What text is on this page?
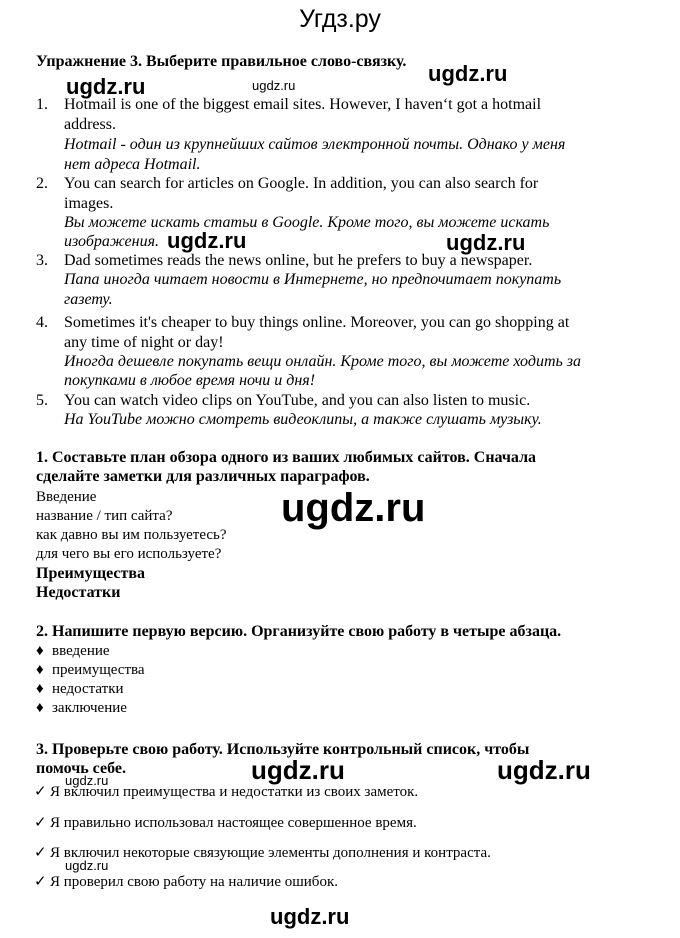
Угдз.ру
Упражнение 3. Выберите правильное слово-связку.
1. Hotmail is one of the biggest email sites. However, I haven‘t got a hotmail
address.
Hotmail - один из крупнейших сайтов электронной почты. Однако у меня
нет адреса Hotmail.
2. You can search for articles on Google. In addition, you can also search for
images.
Вы можете искать статьи в Google. Кроме того, вы можете искать
изображения.
3. Dad sometimes reads the news online, but he prefers to buy a newspaper.
Папа иногда читает новости в Интернете, но предпочитает покупать
газету.
4. Sometimes it's cheaper to buy things online. Moreover, you can go shopping at
any time of night or day!
Иногда дешевле покупать вещи онлайн. Кроме того, вы можете ходить за
покупками в любое время ночи и дня!
5. You can watch video clips on YouTube, and you can also listen to music.
На YouTube можно смотреть видеоклипы, а также слушать музыку.
1. Составьте план обзора одного из ваших любимых сайтов. Сначала
сделайте заметки для различных параграфов.
Введение
название / тип сайта?
как давно вы им пользуетесь?
для чего вы его используете?
Преимущества
Недостатки
2. Напишите первую версию. Организуйте свою работу в четыре абзаца.
♦ введение
♦ преимущества
♦ недостатки
♦ заключение
3. Проверьте свою работу. Используйте контрольный список, чтобы
помочь себе.
✓ Я включил преимущества и недостатки из своих заметок.
✓ Я правильно использовал настоящее совершенное время.
✓ Я включил некоторые связующие элементы дополнения и контраста.
✓ Я проверил свою работу на наличие ошибок.
ugdz.ru	ugdz.ru	ugdz.ru
ugdz.ru	ugdz.ru
ugdz.ru
ugdz.ru	ugdz.ru	ugdz.ru
ugdz.ru
ugdz.ru
